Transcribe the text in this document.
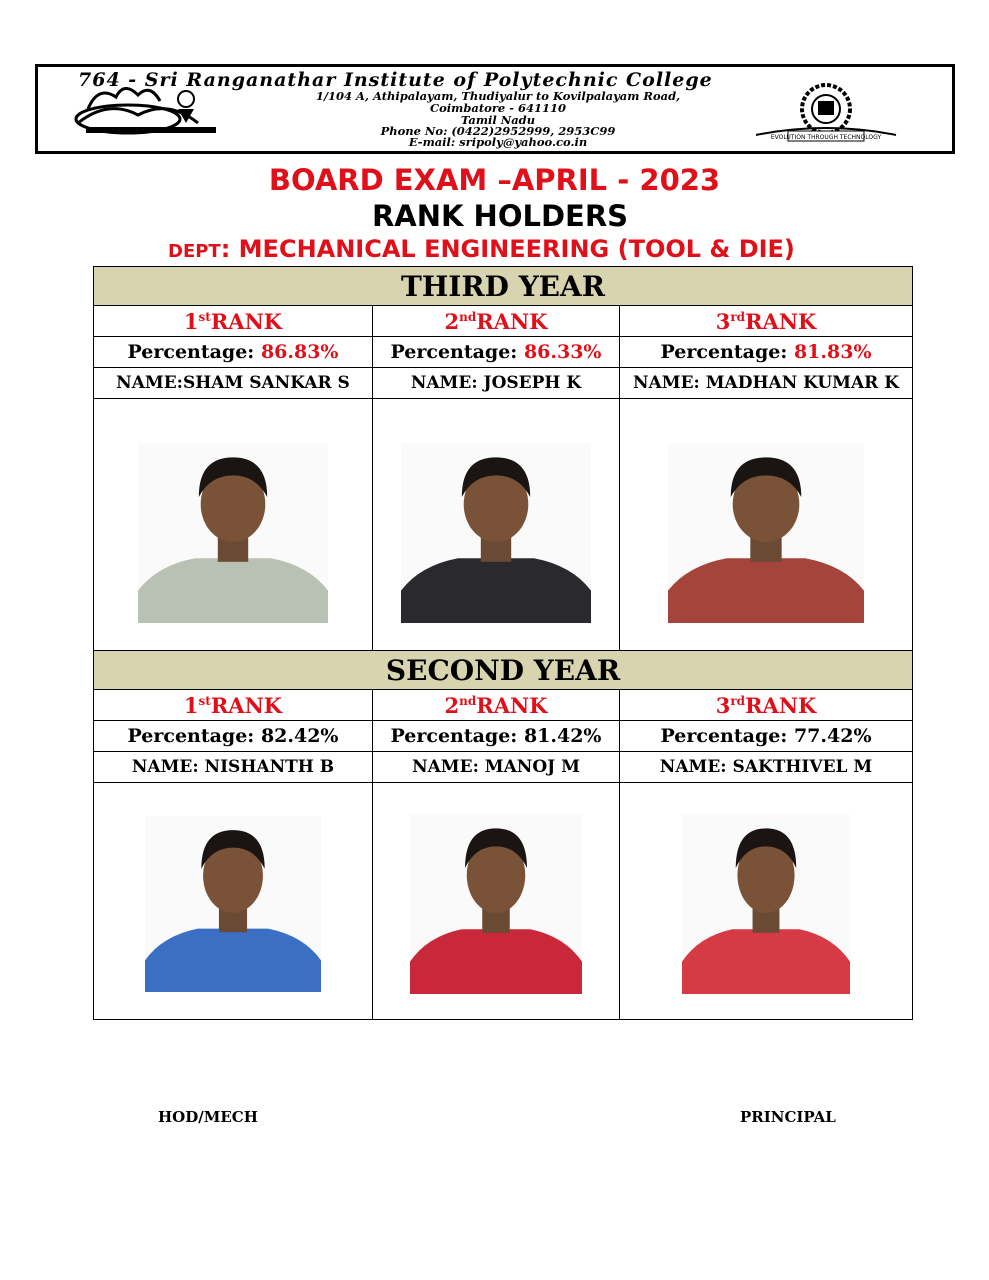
764 - Sri Ranganathar Institute of Polytechnic College
1/104 A, Athipalayam, Thudiyalur to Kovilpalayam Road,
Coimbatore - 641110
Tamil Nadu
Phone No: (0422)2952999, 2953C99
E-mail: sripoly@yahoo.co.in	EVOLUTION THROUGH TECHNOLOGY
BOARD EXAM –APRIL - 2023
RANK HOLDERS
DEPT: MECHANICAL ENGINEERING (TOOL & DIE)
THIRD YEAR		
1stRANK	2ndRANK	3rdRANK
Percentage: 86.83%	Percentage: 86.33%	Percentage: 81.83%
NAME:SHAM SANKAR S	NAME: JOSEPH K	NAME: MADHAN KUMAR K

SECOND YEAR		
1stRANK	2ndRANK	3rdRANK
Percentage: 82.42%	Percentage: 81.42%	Percentage: 77.42%
NAME: NISHANTH B	NAME: MANOJ M	NAME: SAKTHIVEL M

HOD/MECH	PRINCIPAL
